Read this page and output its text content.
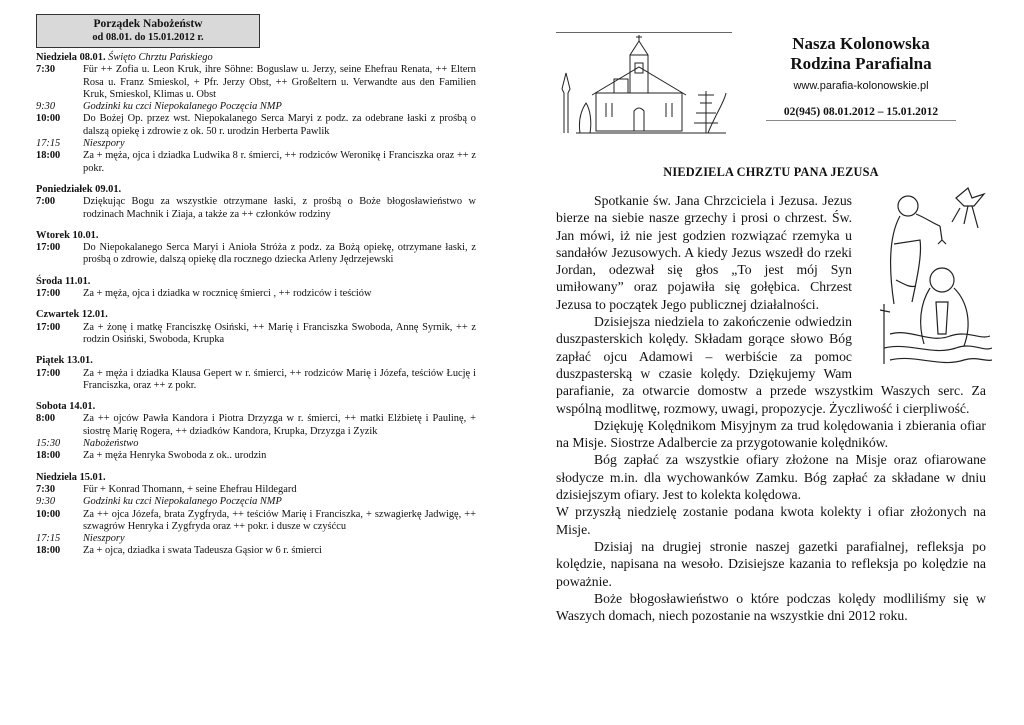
Porządek Nabożeństw
od 08.01. do 15.01.2012 r.
Niedziela 08.01. Święto Chrztu Pańskiego
7:30	Für ++ Zofia u. Leon Kruk, ihre Söhne: Boguslaw u. Jerzy, seine Ehefrau Renata, ++ Eltern Rosa u. Franz Smieskol, + Pfr. Jerzy Obst, ++ Großeltern u. Verwandte aus den Familien Kruk, Smieskol, Klimas u. Obst
9:30	Godzinki ku czci Niepokalanego Poczęcia NMP
10:00	Do Bożej Op. przez wst. Niepokalanego Serca Maryi z podz. za odebrane łaski z prośbą o dalszą opiekę i zdrowie z ok. 50 r. urodzin Herberta Pawlik
17:15	Nieszpory
18:00	Za + męża, ojca i dziadka Ludwika 8 r. śmierci, ++ rodziców Weronikę i Franciszka oraz ++ z pokr.
Poniedziałek 09.01.
7:00	Dziękując Bogu za wszystkie otrzymane łaski, z prośbą o Boże błogosławieństwo w rodzinach Machnik i Ziaja, a także za ++ członków rodziny
Wtorek 10.01.
17:00	Do Niepokalanego Serca Maryi i Anioła Stróża z podz. za Bożą opiekę, otrzymane łaski, z prośbą o zdrowie, dalszą opiekę dla rocznego dziecka Arleny Jędrzejewski
Środa 11.01.
17:00	Za + męża, ojca i dziadka w rocznicę śmierci , ++ rodziców i teściów
Czwartek 12.01.
17:00	Za + żonę i matkę Franciszkę Osiński, ++ Marię i Franciszka Swoboda, Annę Syrnik, ++ z rodzin Osiński, Swoboda, Krupka
Piątek 13.01.
17:00	Za + męża i dziadka Klausa Gepert w r. śmierci, ++ rodziców Marię i Józefa, teściów Łucję i Franciszka, oraz ++ z pokr.
Sobota 14.01.
8:00	Za ++ ojców Pawła Kandora i Piotra Drzyzga w r. śmierci, ++ matki Elżbietę i Paulinę, + siostrę Marię Rogera, ++ dziadków Kandora, Krupka, Drzyzga i Zyzik
15:30	Nabożeństwo
18:00	Za + męża Henryka Swoboda z ok.. urodzin
Niedziela 15.01.
7:30	Für + Konrad Thomann, + seine Ehefrau Hildegard
9:30	Godzinki ku czci Niepokalanego Poczęcia NMP
10:00	Za ++ ojca Józefa, brata Zygfryda, ++ teściów Marię i Franciszka, + szwagierkę Jadwigę, ++ szwagrów Henryka i Zygfryda oraz ++ pokr. i dusze w czyśćcu
17:15	Nieszpory
18:00	Za + ojca, dziadka i swata Tadeusza Gąsior w 6 r. śmierci
Nasza Kolonowska
Rodzina Parafialna
www.parafia-kolonowskie.pl
02(945) 08.01.2012 – 15.01.2012
NIEDZIELA CHRZTU PANA JEZUSA

Spotkanie św. Jana Chrzciciela i Jezusa. Jezus bierze na siebie nasze grzechy i prosi o chrzest. Św. Jan mówi, iż nie jest godzien rozwiązać rzemyka u sandałów Jezusowych. A kiedy Jezus wszedł do rzeki Jordan, odezwał się głos „To jest mój Syn umiłowany” oraz pojawiła się gołębica. Chrzest Jezusa to początek Jego publicznej działalności.

Dzisiejsza niedziela to zakończenie odwiedzin duszpasterskich kolędy. Składam gorące słowo Bóg zapłać ojcu Adamowi – werbiście za pomoc duszpasterską w czasie kolędy. Dziękujemy Wam parafianie, za otwarcie domostw a przede wszystkim Waszych serc. Za wspólną modlitwę, rozmowy, uwagi, propozycje. Życzliwość i cierpliwość.

Dziękuję Kolędnikom Misyjnym za trud kolędowania i zbierania ofiar na Misje. Siostrze Adalbercie za przygotowanie kolędników.

Bóg zapłać za wszystkie ofiary złożone na Misje oraz ofiarowane słodycze m.in. dla wychowanków Zamku. Bóg zapłać za składane w dniu dzisiejszym ofiary. Jest to kolekta kolędowa.

W przyszłą niedzielę zostanie podana kwota kolekty i ofiar złożonych na Misje.

Dzisiaj na drugiej stronie naszej gazetki parafialnej, refleksja po kolędzie, napisana na wesoło. Dzisiejsze kazania to refleksja po kolędzie na poważnie.

Boże błogosławieństwo o które podczas kolędy modliliśmy się w Waszych domach, niech pozostanie na wszystkie dni 2012 roku.
